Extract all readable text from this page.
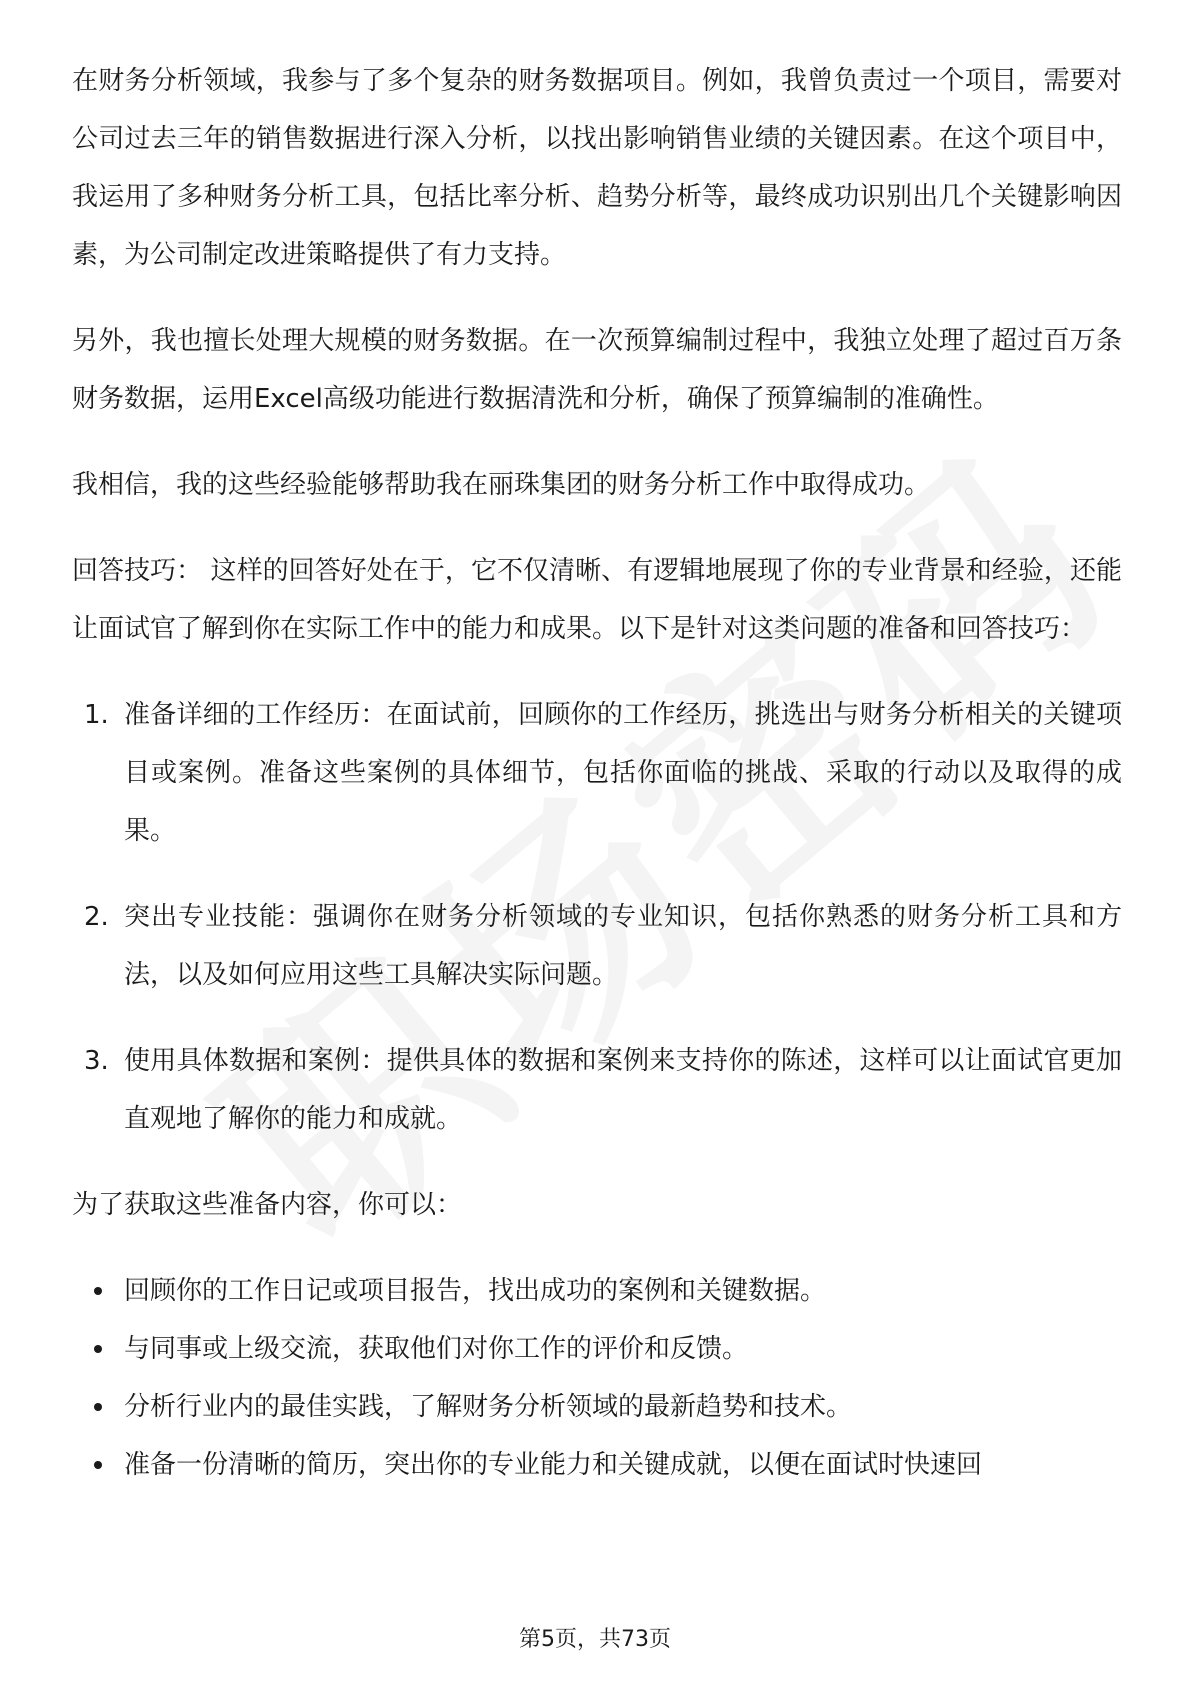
在财务分析领域，我参与了多个复杂的财务数据项目。例如，我曾负责过一个项目，需要对公司过去三年的销售数据进行深入分析，以找出影响销售业绩的关键因素。在这个项目中，我运用了多种财务分析工具，包括比率分析、趋势分析等，最终成功识别出几个关键影响因素，为公司制定改进策略提供了有力支持。

另外，我也擅长处理大规模的财务数据。在一次预算编制过程中，我独立处理了超过百万条财务数据，运用Excel高级功能进行数据清洗和分析，确保了预算编制的准确性。

我相信，我的这些经验能够帮助我在丽珠集团的财务分析工作中取得成功。

回答技巧： 这样的回答好处在于，它不仅清晰、有逻辑地展现了你的专业背景和经验，还能让面试官了解到你在实际工作中的能力和成果。以下是针对这类问题的准备和回答技巧：

1. 准备详细的工作经历：在面试前，回顾你的工作经历，挑选出与财务分析相关的关键项目或案例。准备这些案例的具体细节，包括你面临的挑战、采取的行动以及取得的成果。
2. 突出专业技能：强调你在财务分析领域的专业知识，包括你熟悉的财务分析工具和方法，以及如何应用这些工具解决实际问题。
3. 使用具体数据和案例：提供具体的数据和案例来支持你的陈述，这样可以让面试官更加直观地了解你的能力和成就。

为了获取这些准备内容，你可以：

回顾你的工作日记或项目报告，找出成功的案例和关键数据。
与同事或上级交流，获取他们对你工作的评价和反馈。
分析行业内的最佳实践，了解财务分析领域的最新趋势和技术。
准备一份清晰的简历，突出你的专业能力和关键成就，以便在面试时快速回
第5页，共73页
